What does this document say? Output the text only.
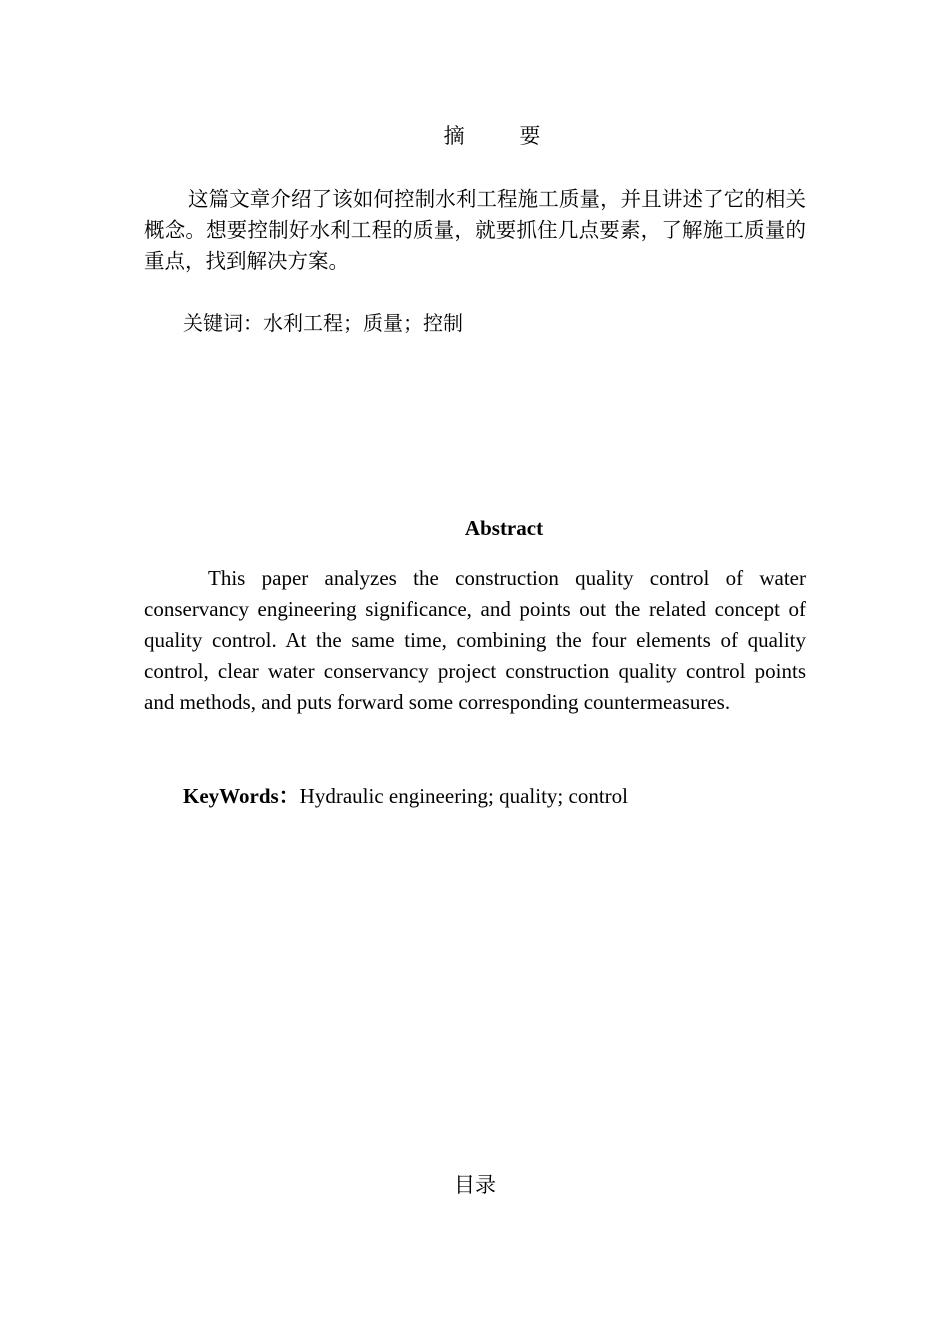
摘 要

这篇文章介绍了该如何控制水利工程施工质量，并且讲述了它的相关概念。想要控制好水利工程的质量，就要抓住几点要素，了解施工质量的重点，找到解决方案。

关键词：水利工程；质量；控制
Abstract

This paper analyzes the construction quality control of water conservancy engineering significance, and points out the related concept of quality control. At the same time, combining the four elements of quality control, clear water conservancy project construction quality control points and methods, and puts forward some corresponding countermeasures.

KeyWords：Hydraulic engineering; quality; control
目录
